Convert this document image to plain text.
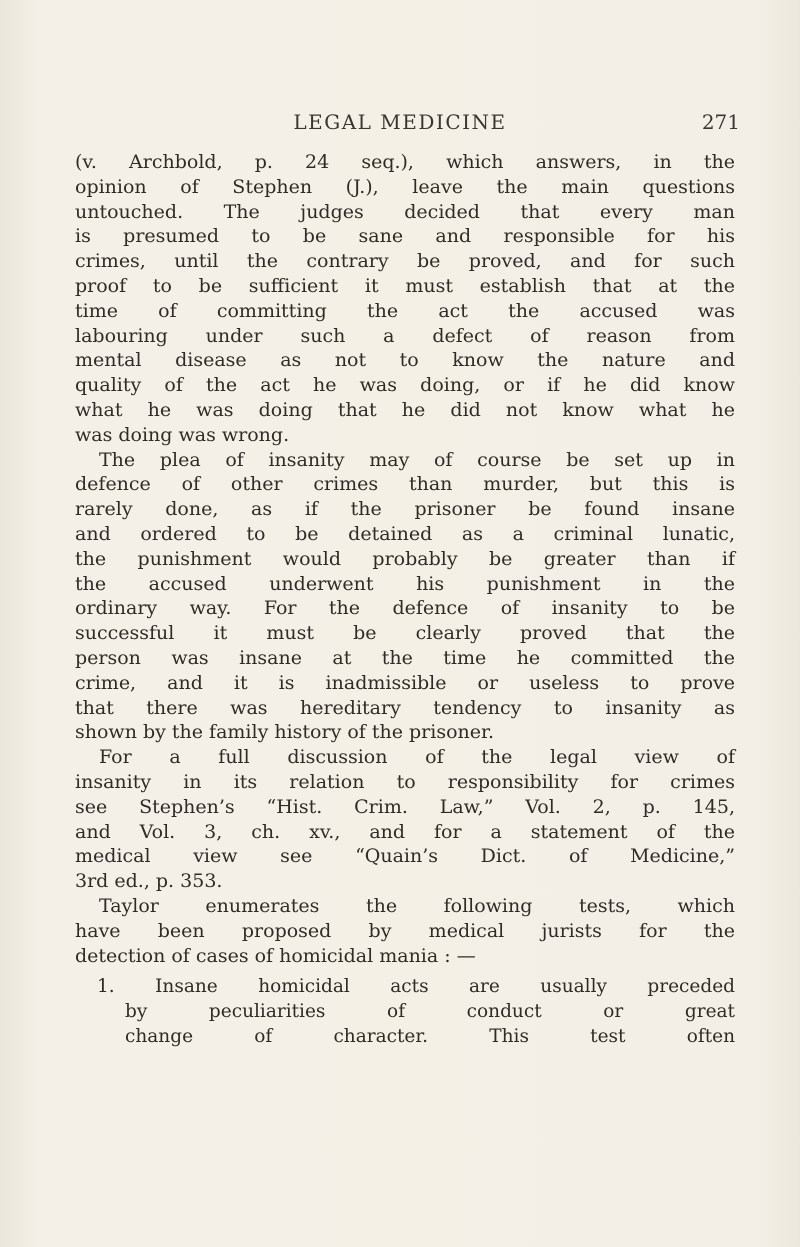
LEGAL MEDICINE	271
(v. Archbold, p. 24 seq.), which answers, in the
opinion of Stephen (J.), leave the main questions
untouched. The judges decided that every man
is presumed to be sane and responsible for his
crimes, until the contrary be proved, and for such
proof to be sufficient it must establish that at the
time of committing the act the accused was
labouring under such a defect of reason from
mental disease as not to know the nature and
quality of the act he was doing, or if he did know
what he was doing that he did not know what he
was doing was wrong.
The plea of insanity may of course be set up in
defence of other crimes than murder, but this is
rarely done, as if the prisoner be found insane
and ordered to be detained as a criminal lunatic,
the punishment would probably be greater than if
the accused underwent his punishment in the
ordinary way. For the defence of insanity to be
successful it must be clearly proved that the
person was insane at the time he committed the
crime, and it is inadmissible or useless to prove
that there was hereditary tendency to insanity as
shown by the family history of the prisoner.
For a full discussion of the legal view of
insanity in its relation to responsibility for crimes
see Stephen’s “Hist. Crim. Law,” Vol. 2, p. 145,
and Vol. 3, ch. xv., and for a statement of the
medical view see “Quain’s Dict. of Medicine,”
3rd ed., p. 353.
Taylor enumerates the following tests, which
have been proposed by medical jurists for the
detection of cases of homicidal mania : —
1. Insane homicidal acts are usually preceded
by peculiarities of conduct or great
change of character. This test often
